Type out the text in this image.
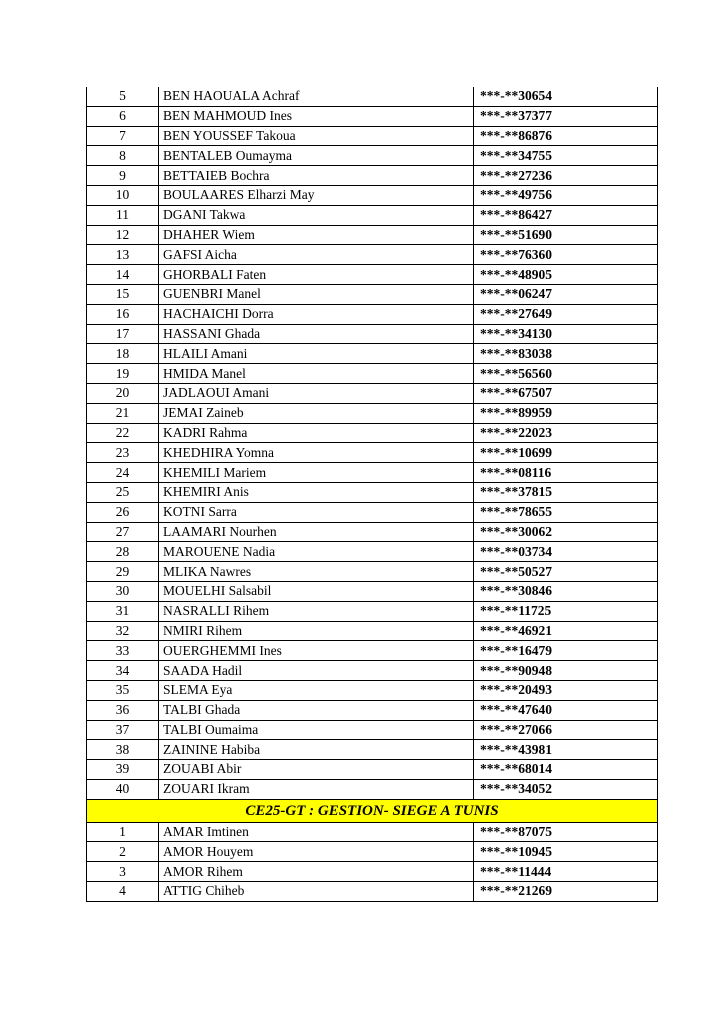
5	BEN HAOUALA Achraf	***-**30654
6	BEN MAHMOUD Ines	***-**37377
7	BEN YOUSSEF Takoua	***-**86876
8	BENTALEB Oumayma	***-**34755
9	BETTAIEB Bochra	***-**27236
10	BOULAARES Elharzi May	***-**49756
11	DGANI Takwa	***-**86427
12	DHAHER Wiem	***-**51690
13	GAFSI Aicha	***-**76360
14	GHORBALI Faten	***-**48905
15	GUENBRI Manel	***-**06247
16	HACHAICHI Dorra	***-**27649
17	HASSANI Ghada	***-**34130
18	HLAILI Amani	***-**83038
19	HMIDA Manel	***-**56560
20	JADLAOUI Amani	***-**67507
21	JEMAI Zaineb	***-**89959
22	KADRI Rahma	***-**22023
23	KHEDHIRA Yomna	***-**10699
24	KHEMILI Mariem	***-**08116
25	KHEMIRI Anis	***-**37815
26	KOTNI Sarra	***-**78655
27	LAAMARI Nourhen	***-**30062
28	MAROUENE Nadia	***-**03734
29	MLIKA Nawres	***-**50527
30	MOUELHI Salsabil	***-**30846
31	NASRALLI Rihem	***-**11725
32	NMIRI Rihem	***-**46921
33	OUERGHEMMI Ines	***-**16479
34	SAADA Hadil	***-**90948
35	SLEMA Eya	***-**20493
36	TALBI Ghada	***-**47640
37	TALBI Oumaima	***-**27066
38	ZAININE Habiba	***-**43981
39	ZOUABI Abir	***-**68014
40	ZOUARI Ikram	***-**34052
CE25-GT : GESTION- SIEGE A TUNIS		
1	AMAR Imtinen	***-**87075
2	AMOR Houyem	***-**10945
3	AMOR Rihem	***-**11444
4	ATTIG Chiheb	***-**21269
